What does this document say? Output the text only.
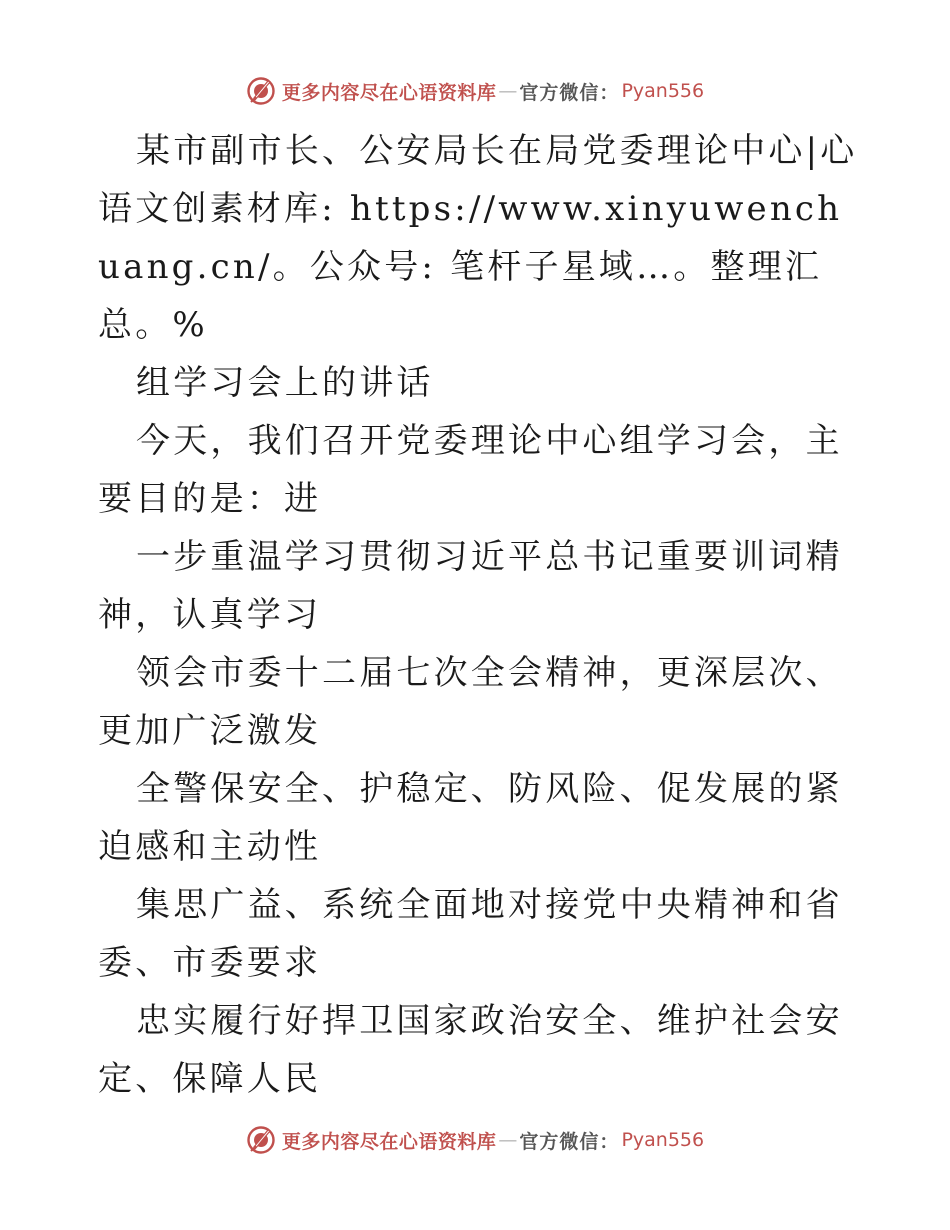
更多内容尽在心语资料库 — 官方微信： Pyan556

某市副市长、公安局长在局党委理论中心|心语文创素材库: https://www.xinyuwenchuang.cn/。公众号: 笔杆子星域…。整理汇总。%

组学习会上的讲话

今天，我们召开党委理论中心组学习会，主要目的是：进

一步重温学习贯彻习近平总书记重要训词精神，认真学习

领会市委十二届七次全会精神，更深层次、更加广泛激发

全警保安全、护稳定、防风险、促发展的紧迫感和主动性

集思广益、系统全面地对接党中央精神和省委、市委要求

忠实履行好捍卫国家政治安全、维护社会安定、保障人民

更多内容尽在心语资料库 — 官方微信： Pyan556
